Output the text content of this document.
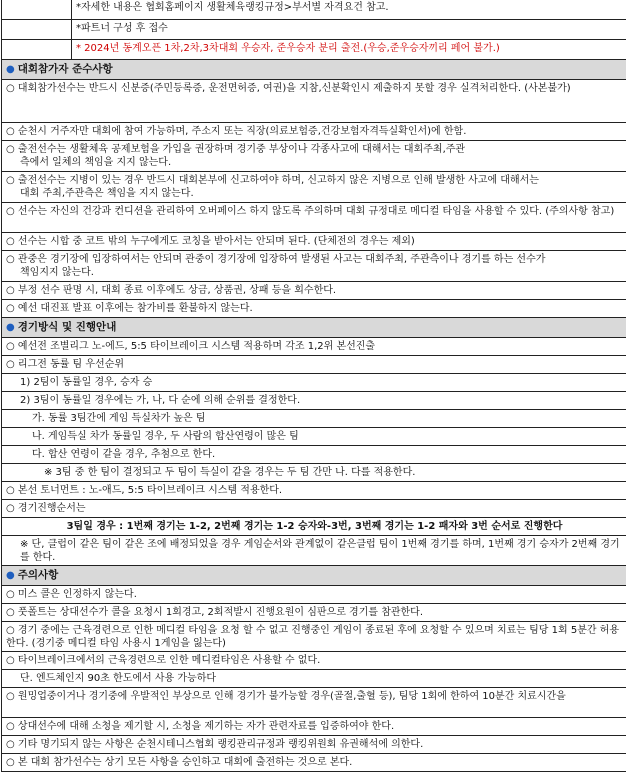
*자세한 내용은 협회홈페이지 생활체육랭킹규정>부서별 자격요건 참고.
*파트너 구성 후 접수
* 2024년 동계오픈 1차,2차,3차대회 우승자, 준우승자 분리 출전.(우승,준우승자끼리 페어 불가.)
● 대회참가자 준수사항
○ 대회참가선수는 반드시 신분증(주민등록증, 운전면허증, 여권)을 지참,신분확인시 제출하지 못할 경우 실격처리한다. (사본불가)
○ 순천시 거주자만 대회에 참여 가능하며, 주소지 또는 직장(의료보험증,건강보험자격득실확인서)에 한함.
○ 출전선수는 생활체육 공제보험을 가입을 권장하며 경기중 부상이나 각종사고에 대해서는 대회주최,주관
측에서 일체의 책임을 지지 않는다.
○ 출전선수는 지병이 있는 경우 반드시 대회본부에 신고하여야 하며, 신고하지 않은 지병으로 인해 발생한 사고에 대해서는
대회 주최,주관측은 책임을 지지 않는다.
○ 선수는 자신의 건강과 컨디션을 관리하여 오버페이스 하지 않도록 주의하며 대회 규정대로 메디컬 타임을 사용할 수 있다. (주의사항 참고)
○ 선수는 시합 중 코트 밖의 누구에게도 코칭을 받아서는 안되며 된다. (단체전의 경우는 제외)
○ 관중은 경기장에 입장하여서는 안되며 관중이 경기장에 입장하여 발생된 사고는 대회주최, 주관측이나 경기를 하는 선수가
책임지지 않는다.
○ 부정 선수 판명 시, 대회 종료 이후에도 상금, 상품권, 상패 등을 회수한다.
○ 예선 대진표 발표 이후에는 참가비를 환불하지 않는다.
● 경기방식 및 진행안내
○ 예선전 조별리그 노-에드, 5:5 타이브레이크 시스템 적용하며 각조 1,2위 본선진출
○ 리그전 동률 팀 우선순위
1) 2팀이 동률일 경우, 승자 승
2) 3팀이 동률일 경우에는 가, 나, 다 순에 의해 순위를 결정한다.
가. 동률 3팀간에 게임 득실차가 높은 팀
나. 게임득실 차가 동률일 경우, 두 사람의 합산연령이 많은 팀
다. 합산 연령이 같을 경우, 추첨으로 한다.
※ 3팀 중 한 팀이 결정되고 두 팀이 득실이 같을 경우는 두 팀 간만 나. 다를 적용한다.
○ 본선 토너먼트 : 노-애드, 5:5 타이브레이크 시스템 적용한다.
○ 경기진행순서는
3팀일 경우 : 1번째 경기는 1-2, 2번째 경기는 1-2 승자와-3번, 3번째 경기는 1-2 패자와 3번 순서로 진행한다
※ 단, 클럽이 같은 팀이 같은 조에 배정되었을 경우 게임순서와 관계없이 같은클럽 팀이 1번째 경기를 하며, 1번째 경기 승자가 2번째 경기를 한다.
● 주의사항
○ 미스 콜은 인정하지 않는다.
○ 풋폴트는 상대선수가 콜을 요청시 1회경고, 2회적발시 진행요원이 심판으로 경기를 참관한다.
○ 경기 중에는 근육경련으로 인한 메디컬 타임을 요청 할 수 없고 진행중인 게임이 종료된 후에 요청할 수 있으며 치료는 팀당 1회 5분간 허용한다. (경기중 메디컬 타임 사용시 1게임을 잃는다)
○ 타이브레이크에서의 근육경련으로 인한 메디컬타임은 사용할 수 없다.
단. 엔드체인지 90초 한도에서 사용 가능하다
○ 원밍업중이거나 경기중에 우발적인 부상으로 인해 경기가 불가능할 경우(골절,출혈 등), 팀당 1회에 한하여 10분간 치료시간을
○ 상대선수에 대해 소청을 제기할 시, 소청을 제기하는 자가 관련자료를 입증하여야 한다.
○ 기타 명기되지 않는 사항은 순천시테니스협회 랭킹관리규정과 랭킹위원회 유권해석에 의한다.
○ 본 대회 참가선수는 상기 모든 사항을 승인하고 대회에 출전하는 것으로 본다.
